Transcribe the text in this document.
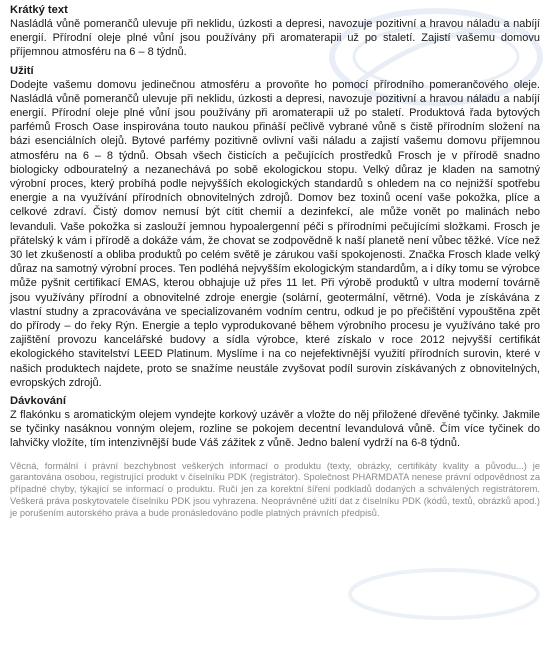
Krátký text

Nasládlá vůně pomerančů ulevuje při neklidu, úzkosti a depresi, navozuje pozitivní a hravou náladu a nabíjí energií. Přírodní oleje plné vůní jsou používány při aromaterapii už po staletí. Zajistí vašemu domovu příjemnou atmosféru na 6 – 8 týdnů.

Užití

Dodejte vašemu domovu jedinečnou atmosféru a provoňte ho pomocí přírodního pomerančového oleje. Nasládlá vůně pomerančů ulevuje při neklidu, úzkosti a depresi, navozuje pozitivní a hravou náladu a nabíjí energií. Přírodní oleje plné vůní jsou používány při aromaterapii už po staletí. Produktová řada bytových parfémů Frosch Oase inspirována touto naukou přináší pečlivě vybrané vůně s čistě přírodním složení na bázi esenciálních olejů. Bytové parfémy pozitivně ovlivní vaši náladu a zajistí vašemu domovu příjemnou atmosféru na 6 – 8 týdnů. Obsah všech čisticích a pečujících prostředků Frosch je v přírodě snadno biologicky odbouratelný a nezanechává po sobě ekologickou stopu. Velký důraz je kladen na samotný výrobní proces, který probíhá podle nejvyšších ekologických standardů s ohledem na co nejnižší spotřebu energie a na využívání přírodních obnovitelných zdrojů. Domov bez toxinů ocení vaše pokožka, plíce a celkové zdraví. Čistý domov nemusí být cítit chemií a dezinfekcí, ale může vonět po malinách nebo levanduli. Vaše pokožka si zaslouží jemnou hypoalergenní péči s přírodními pečujícími složkami. Frosch je přátelský k vám i přírodě a dokáže vám, že chovat se zodpovědně k naší planetě není vůbec těžké. Více než 30 let zkušeností a obliba produktů po celém světě je zárukou vaší spokojenosti. Značka Frosch klade velký důraz na samotný výrobní proces. Ten podléhá nejvyšším ekologickým standardům, a i díky tomu se výrobce může pyšnit certifikací EMAS, kterou obhajuje už přes 11 let. Při výrobě produktů v ultra moderní továrně jsou využívány přírodní a obnovitelné zdroje energie (solární, geotermální, větrné). Voda je získávána z vlastní studny a zpracovávána ve specializovaném vodním centru, odkud je po přečištění vypouštěna zpět do přírody – do řeky Rýn. Energie a teplo vyprodukované během výrobního procesu je využíváno také pro zajištění provozu kancelářské budovy a sídla výrobce, které získalo v roce 2012 nejvyšší certifikát ekologického stavitelství LEED Platinum. Myslíme i na co nejefektivnější využití přírodních surovin, které v našich produktech najdete, proto se snažíme neustále zvyšovat podíl surovin získávaných z obnovitelných, evropských zdrojů.

Dávkování

Z flakónku s aromatickým olejem vyndejte korkový uzávěr a vložte do něj přiložené dřevěné tyčinky. Jakmile se tyčinky nasáknou vonným olejem, rozline se pokojem decentní levandulová vůně. Čím více tyčinek do lahvičky vložíte, tím intenzivnější bude Váš zážitek z vůně. Jedno balení vydrží na 6-8 týdnů.

Věcná, formální i právní bezchybnost veškerých informací o produktu (texty, obrázky, certifikáty kvality a původu...) je garantována osobou, registrující produkt v číselníku PDK (registrátor). Společnost PHARMDATA nenese právní odpovědnost za případné chyby, týkající se informací o produktu. Ručí jen za korektní šíření podkladů dodaných a schválených registrátorem. Veškerá práva poskytovatele číselníku PDK jsou vyhrazena. Neoprávněné užití dat z číselníku PDK (kódů, textů, obrázků apod.) je porušením autorského práva a bude pronásledováno podle platných právních předpisů.
